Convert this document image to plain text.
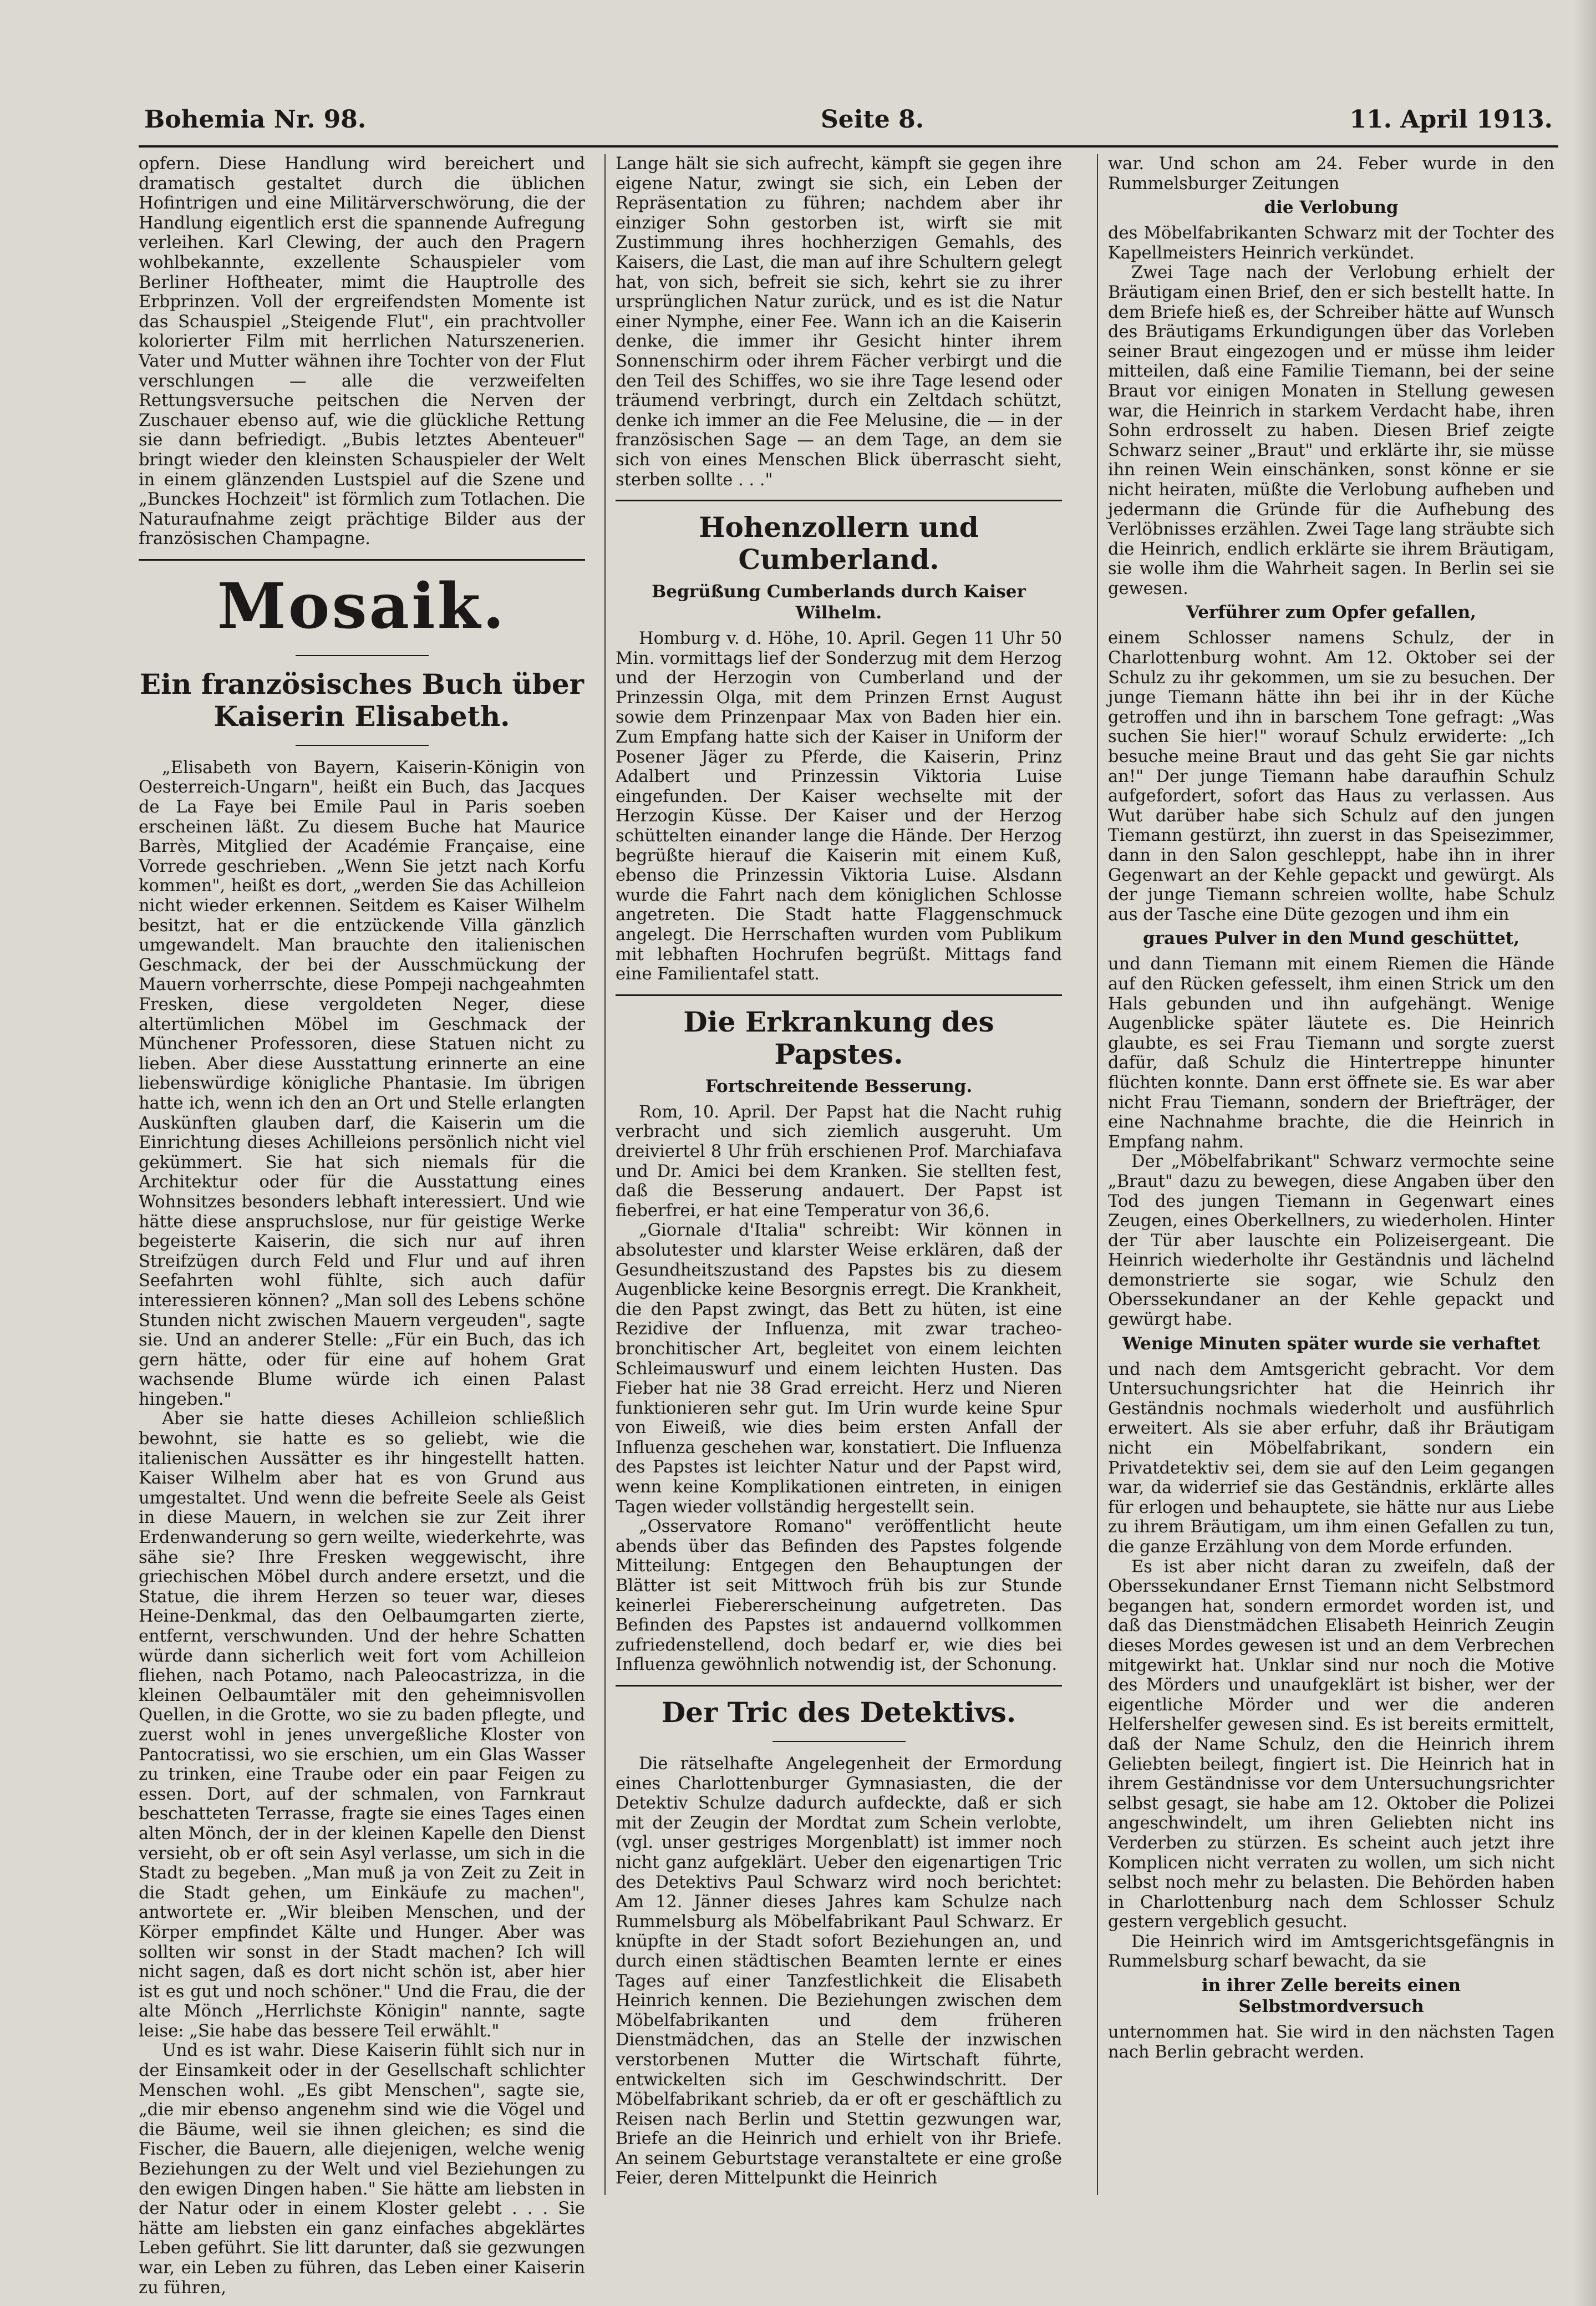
Bohemia Nr. 98.	Seite 8.	11. April 1913.

opfern. Diese Handlung wird bereichert und dramatisch gestaltet durch die üblichen Hofintrigen und eine Militärverschwörung, die der Handlung eigentlich erst die spannende Aufregung verleihen. Karl Clewing, der auch den Pragern wohlbekannte, exzellente Schauspieler vom Berliner Hoftheater, mimt die Hauptrolle des Erbprinzen. Voll der ergreifendsten Momente ist das Schauspiel „Steigende Flut", ein prachtvoller kolorierter Film mit herrlichen Naturszenerien. Vater und Mutter wähnen ihre Tochter von der Flut verschlungen — alle die verzweifelten Rettungsversuche peitschen die Nerven der Zuschauer ebenso auf, wie die glückliche Rettung sie dann befriedigt. „Bubis letztes Abenteuer" bringt wieder den kleinsten Schauspieler der Welt in einem glänzenden Lustspiel auf die Szene und „Bunckes Hochzeit" ist förmlich zum Totlachen. Die Naturaufnahme zeigt prächtige Bilder aus der französischen Champagne.

Mosaik.
Ein französisches Buch über Kaiserin Elisabeth.

„Elisabeth von Bayern, Kaiserin-Königin von Oesterreich-Ungarn", heißt ein Buch, das Jacques de La Faye bei Emile Paul in Paris soeben erscheinen läßt. Zu diesem Buche hat Maurice Barrès, Mitglied der Académie Française, eine Vorrede geschrieben. „Wenn Sie jetzt nach Korfu kommen", heißt es dort, „werden Sie das Achilleion nicht wieder erkennen. Seitdem es Kaiser Wilhelm besitzt, hat er die entzückende Villa gänzlich umgewandelt. Man brauchte den italienischen Geschmack, der bei der Ausschmückung der Mauern vorherrschte, diese Pompeji nachgeahmten Fresken, diese vergoldeten Neger, diese altertümlichen Möbel im Geschmack der Münchener Professoren, diese Statuen nicht zu lieben. Aber diese Ausstattung erinnerte an eine liebenswürdige königliche Phantasie. Im übrigen hatte ich, wenn ich den an Ort und Stelle erlangten Auskünften glauben darf, die Kaiserin um die Einrichtung dieses Achilleions persönlich nicht viel gekümmert. Sie hat sich niemals für die Architektur oder für die Ausstattung eines Wohnsitzes besonders lebhaft interessiert. Und wie hätte diese anspruchslose, nur für geistige Werke begeisterte Kaiserin, die sich nur auf ihren Streifzügen durch Feld und Flur und auf ihren Seefahrten wohl fühlte, sich auch dafür interessieren können? „Man soll des Lebens schöne Stunden nicht zwischen Mauern vergeuden", sagte sie. Und an anderer Stelle: „Für ein Buch, das ich gern hätte, oder für eine auf hohem Grat wachsende Blume würde ich einen Palast hingeben."

Aber sie hatte dieses Achilleion schließlich bewohnt, sie hatte es so geliebt, wie die italienischen Aussätter es ihr hingestellt hatten. Kaiser Wilhelm aber hat es von Grund aus umgestaltet. Und wenn die befreite Seele als Geist in diese Mauern, in welchen sie zur Zeit ihrer Erdenwanderung so gern weilte, wiederkehrte, was sähe sie? Ihre Fresken weggewischt, ihre griechischen Möbel durch andere ersetzt, und die Statue, die ihrem Herzen so teuer war, dieses Heine-Denkmal, das den Oelbaumgarten zierte, entfernt, verschwunden. Und der hehre Schatten würde dann sicherlich weit fort vom Achilleion fliehen, nach Potamo, nach Paleocastrizza, in die kleinen Oelbaumtäler mit den geheimnisvollen Quellen, in die Grotte, wo sie zu baden pflegte, und zuerst wohl in jenes unvergeßliche Kloster von Pantocratissi, wo sie erschien, um ein Glas Wasser zu trinken, eine Traube oder ein paar Feigen zu essen. Dort, auf der schmalen, von Farnkraut beschatteten Terrasse, fragte sie eines Tages einen alten Mönch, der in der kleinen Kapelle den Dienst versieht, ob er oft sein Asyl verlasse, um sich in die Stadt zu begeben. „Man muß ja von Zeit zu Zeit in die Stadt gehen, um Einkäufe zu machen", antwortete er. „Wir bleiben Menschen, und der Körper empfindet Kälte und Hunger. Aber was sollten wir sonst in der Stadt machen? Ich will nicht sagen, daß es dort nicht schön ist, aber hier ist es gut und noch schöner." Und die Frau, die der alte Mönch „Herrlichste Königin" nannte, sagte leise: „Sie habe das bessere Teil erwählt."

Und es ist wahr. Diese Kaiserin fühlt sich nur in der Einsamkeit oder in der Gesellschaft schlichter Menschen wohl. „Es gibt Menschen", sagte sie, „die mir ebenso angenehm sind wie die Vögel und die Bäume, weil sie ihnen gleichen; es sind die Fischer, die Bauern, alle diejenigen, welche wenig Beziehungen zu der Welt und viel Beziehungen zu den ewigen Dingen haben." Sie hätte am liebsten in der Natur oder in einem Kloster gelebt . . . Sie hätte am liebsten ein ganz einfaches abgeklärtes Leben geführt. Sie litt darunter, daß sie gezwungen war, ein Leben zu führen, das Leben einer Kaiserin zu führen,

Lange hält sie sich aufrecht, kämpft sie gegen ihre eigene Natur, zwingt sie sich, ein Leben der Repräsentation zu führen; nachdem aber ihr einziger Sohn gestorben ist, wirft sie mit Zustimmung ihres hochherzigen Gemahls, des Kaisers, die Last, die man auf ihre Schultern gelegt hat, von sich, befreit sie sich, kehrt sie zu ihrer ursprünglichen Natur zurück, und es ist die Natur einer Nymphe, einer Fee. Wann ich an die Kaiserin denke, die immer ihr Gesicht hinter ihrem Sonnenschirm oder ihrem Fächer verbirgt und die den Teil des Schiffes, wo sie ihre Tage lesend oder träumend verbringt, durch ein Zeltdach schützt, denke ich immer an die Fee Melusine, die — in der französischen Sage — an dem Tage, an dem sie sich von eines Menschen Blick überrascht sieht, sterben sollte . . ."

Hohenzollern und Cumberland.
Begrüßung Cumberlands durch Kaiser Wilhelm.

Homburg v. d. Höhe, 10. April. Gegen 11 Uhr 50 Min. vormittags lief der Sonderzug mit dem Herzog und der Herzogin von Cumberland und der Prinzessin Olga, mit dem Prinzen Ernst August sowie dem Prinzenpaar Max von Baden hier ein. Zum Empfang hatte sich der Kaiser in Uniform der Posener Jäger zu Pferde, die Kaiserin, Prinz Adalbert und Prinzessin Viktoria Luise eingefunden. Der Kaiser wechselte mit der Herzogin Küsse. Der Kaiser und der Herzog schüttelten einander lange die Hände. Der Herzog begrüßte hierauf die Kaiserin mit einem Kuß, ebenso die Prinzessin Viktoria Luise. Alsdann wurde die Fahrt nach dem königlichen Schlosse angetreten. Die Stadt hatte Flaggenschmuck angelegt. Die Herrschaften wurden vom Publikum mit lebhaften Hochrufen begrüßt. Mittags fand eine Familientafel statt.

Die Erkrankung des Papstes.
Fortschreitende Besserung.

Rom, 10. April. Der Papst hat die Nacht ruhig verbracht und sich ziemlich ausgeruht. Um dreiviertel 8 Uhr früh erschienen Prof. Marchiafava und Dr. Amici bei dem Kranken. Sie stellten fest, daß die Besserung andauert. Der Papst ist fieberfrei, er hat eine Temperatur von 36,6.

„Giornale d'Italia" schreibt: Wir können in absolutester und klarster Weise erklären, daß der Gesundheitszustand des Papstes bis zu diesem Augenblicke keine Besorgnis erregt. Die Krankheit, die den Papst zwingt, das Bett zu hüten, ist eine Rezidive der Influenza, mit zwar tracheo-bronchitischer Art, begleitet von einem leichten Schleimauswurf und einem leichten Husten. Das Fieber hat nie 38 Grad erreicht. Herz und Nieren funktionieren sehr gut. Im Urin wurde keine Spur von Eiweiß, wie dies beim ersten Anfall der Influenza geschehen war, konstatiert. Die Influenza des Papstes ist leichter Natur und der Papst wird, wenn keine Komplikationen eintreten, in einigen Tagen wieder vollständig hergestellt sein.

„Osservatore Romano" veröffentlicht heute abends über das Befinden des Papstes folgende Mitteilung: Entgegen den Behauptungen der Blätter ist seit Mittwoch früh bis zur Stunde keinerlei Fiebererscheinung aufgetreten. Das Befinden des Papstes ist andauernd vollkommen zufriedenstellend, doch bedarf er, wie dies bei Influenza gewöhnlich notwendig ist, der Schonung.

Der Tric des Detektivs.

Die rätselhafte Angelegenheit der Ermordung eines Charlottenburger Gymnasiasten, die der Detektiv Schulze dadurch aufdeckte, daß er sich mit der Zeugin der Mordtat zum Schein verlobte, (vgl. unser gestriges Morgenblatt) ist immer noch nicht ganz aufgeklärt. Ueber den eigenartigen Tric des Detektivs Paul Schwarz wird noch berichtet: Am 12. Jänner dieses Jahres kam Schulze nach Rummelsburg als Möbelfabrikant Paul Schwarz. Er knüpfte in der Stadt sofort Beziehungen an, und durch einen städtischen Beamten lernte er eines Tages auf einer Tanzfestlichkeit die Elisabeth Heinrich kennen. Die Beziehungen zwischen dem Möbelfabrikanten und dem früheren Dienstmädchen, das an Stelle der inzwischen verstorbenen Mutter die Wirtschaft führte, entwickelten sich im Geschwindschritt. Der Möbelfabrikant schrieb, da er oft er geschäftlich zu Reisen nach Berlin und Stettin gezwungen war, Briefe an die Heinrich und erhielt von ihr Briefe. An seinem Geburtstage veranstaltete er eine große Feier, deren Mittelpunkt die Heinrich

war. Und schon am 24. Feber wurde in den Rummelsburger Zeitungen

die Verlobung

des Möbelfabrikanten Schwarz mit der Tochter des Kapellmeisters Heinrich verkündet.

Zwei Tage nach der Verlobung erhielt der Bräutigam einen Brief, den er sich bestellt hatte. In dem Briefe hieß es, der Schreiber hätte auf Wunsch des Bräutigams Erkundigungen über das Vorleben seiner Braut eingezogen und er müsse ihm leider mitteilen, daß eine Familie Tiemann, bei der seine Braut vor einigen Monaten in Stellung gewesen war, die Heinrich in starkem Verdacht habe, ihren Sohn erdrosselt zu haben. Diesen Brief zeigte Schwarz seiner „Braut" und erklärte ihr, sie müsse ihn reinen Wein einschänken, sonst könne er sie nicht heiraten, müßte die Verlobung aufheben und jedermann die Gründe für die Aufhebung des Verlöbnisses erzählen. Zwei Tage lang sträubte sich die Heinrich, endlich erklärte sie ihrem Bräutigam, sie wolle ihm die Wahrheit sagen. In Berlin sei sie gewesen.

Verführer zum Opfer gefallen,

einem Schlosser namens Schulz, der in Charlottenburg wohnt. Am 12. Oktober sei der Schulz zu ihr gekommen, um sie zu besuchen. Der junge Tiemann hätte ihn bei ihr in der Küche getroffen und ihn in barschem Tone gefragt: „Was suchen Sie hier!" worauf Schulz erwiderte: „Ich besuche meine Braut und das geht Sie gar nichts an!" Der junge Tiemann habe daraufhin Schulz aufgefordert, sofort das Haus zu verlassen. Aus Wut darüber habe sich Schulz auf den jungen Tiemann gestürzt, ihn zuerst in das Speisezimmer, dann in den Salon geschleppt, habe ihn in ihrer Gegenwart an der Kehle gepackt und gewürgt. Als der junge Tiemann schreien wollte, habe Schulz aus der Tasche eine Düte gezogen und ihm ein

graues Pulver in den Mund geschüttet,

und dann Tiemann mit einem Riemen die Hände auf den Rücken gefesselt, ihm einen Strick um den Hals gebunden und ihn aufgehängt. Wenige Augenblicke später läutete es. Die Heinrich glaubte, es sei Frau Tiemann und sorgte zuerst dafür, daß Schulz die Hintertreppe hinunter flüchten konnte. Dann erst öffnete sie. Es war aber nicht Frau Tiemann, sondern der Briefträger, der eine Nachnahme brachte, die die Heinrich in Empfang nahm.

Der „Möbelfabrikant" Schwarz vermochte seine „Braut" dazu zu bewegen, diese Angaben über den Tod des jungen Tiemann in Gegenwart eines Zeugen, eines Oberkellners, zu wiederholen. Hinter der Tür aber lauschte ein Polizeisergeant. Die Heinrich wiederholte ihr Geständnis und lächelnd demonstrierte sie sogar, wie Schulz den Oberssekundaner an der Kehle gepackt und gewürgt habe.

Wenige Minuten später wurde sie verhaftet

und nach dem Amtsgericht gebracht. Vor dem Untersuchungsrichter hat die Heinrich ihr Geständnis nochmals wiederholt und ausführlich erweitert. Als sie aber erfuhr, daß ihr Bräutigam nicht ein Möbelfabrikant, sondern ein Privatdetektiv sei, dem sie auf den Leim gegangen war, da widerrief sie das Geständnis, erklärte alles für erlogen und behauptete, sie hätte nur aus Liebe zu ihrem Bräutigam, um ihm einen Gefallen zu tun, die ganze Erzählung von dem Morde erfunden.

Es ist aber nicht daran zu zweifeln, daß der Oberssekundaner Ernst Tiemann nicht Selbstmord begangen hat, sondern ermordet worden ist, und daß das Dienstmädchen Elisabeth Heinrich Zeugin dieses Mordes gewesen ist und an dem Verbrechen mitgewirkt hat. Unklar sind nur noch die Motive des Mörders und unaufgeklärt ist bisher, wer der eigentliche Mörder und wer die anderen Helfershelfer gewesen sind. Es ist bereits ermittelt, daß der Name Schulz, den die Heinrich ihrem Geliebten beilegt, fingiert ist. Die Heinrich hat in ihrem Geständnisse vor dem Untersuchungsrichter selbst gesagt, sie habe am 12. Oktober die Polizei angeschwindelt, um ihren Geliebten nicht ins Verderben zu stürzen. Es scheint auch jetzt ihre Komplicen nicht verraten zu wollen, um sich nicht selbst noch mehr zu belasten. Die Behörden haben in Charlottenburg nach dem Schlosser Schulz gestern vergeblich gesucht.

Die Heinrich wird im Amtsgerichtsgefängnis in Rummelsburg scharf bewacht, da sie

in ihrer Zelle bereits einen Selbstmordversuch

unternommen hat. Sie wird in den nächsten Tagen nach Berlin gebracht werden.
